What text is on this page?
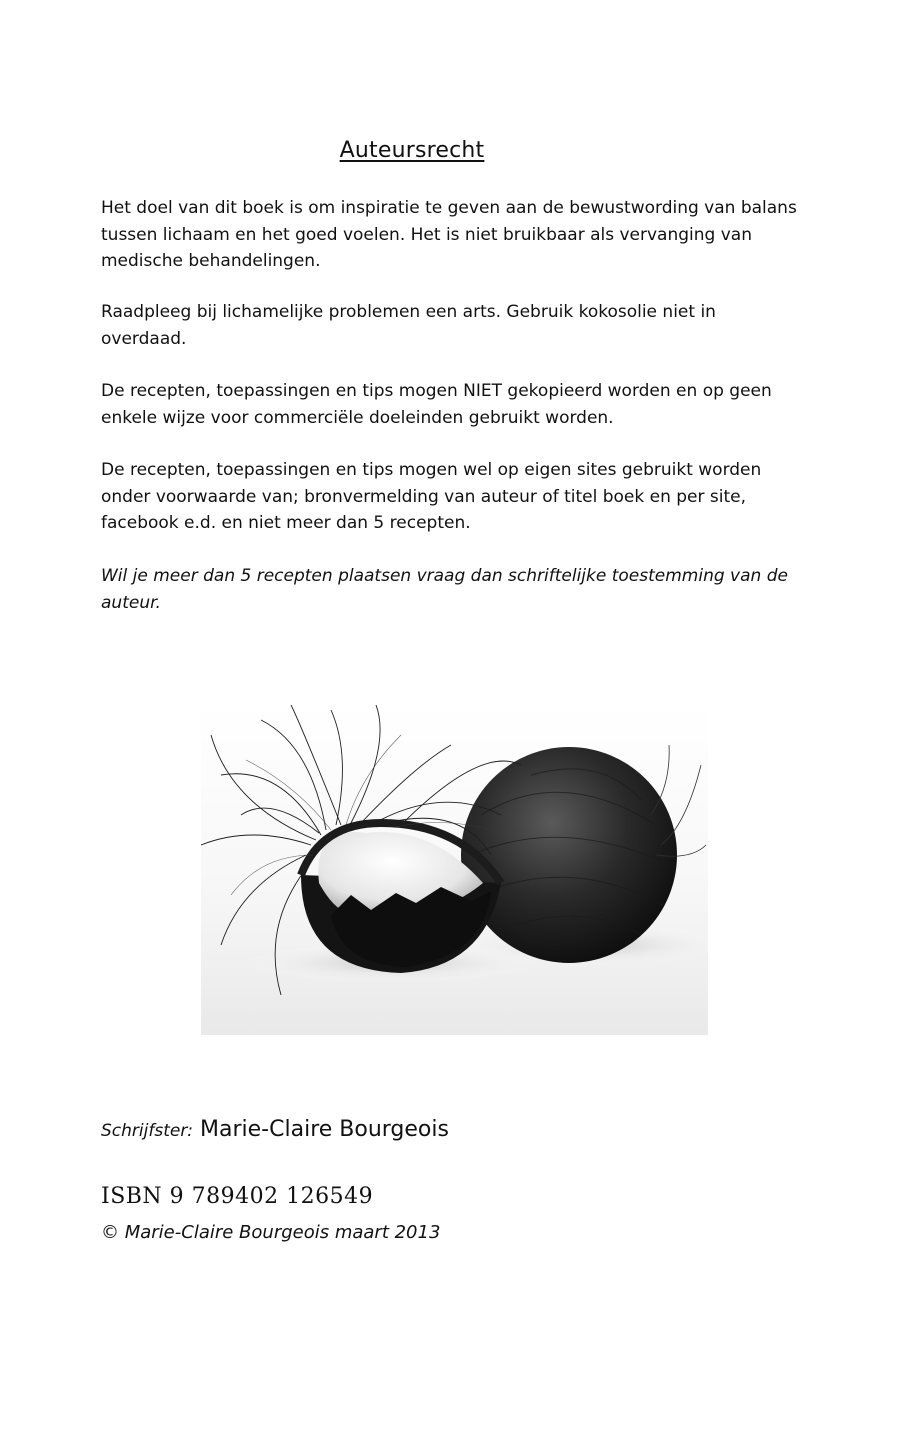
Auteursrecht

Het doel van dit boek is om inspiratie te geven aan de bewustwording van balans tussen lichaam en het goed voelen. Het is niet bruikbaar als vervanging van medische behandelingen.

Raadpleeg bij lichamelijke problemen een arts. Gebruik kokosolie niet in overdaad.

De recepten, toepassingen en tips mogen NIET gekopieerd worden en op geen enkele wijze voor commerciële doeleinden gebruikt worden.

De recepten, toepassingen en tips mogen wel op eigen sites gebruikt worden onder voorwaarde van; bronvermelding van auteur of titel boek en per site, facebook e.d. en niet meer dan 5 recepten.

Wil je meer dan 5 recepten plaatsen vraag dan schriftelijke toestemming van de auteur.

Schrijfster: Marie-Claire Bourgeois
ISBN 9 789402 126549
© Marie-Claire Bourgeois maart 2013
